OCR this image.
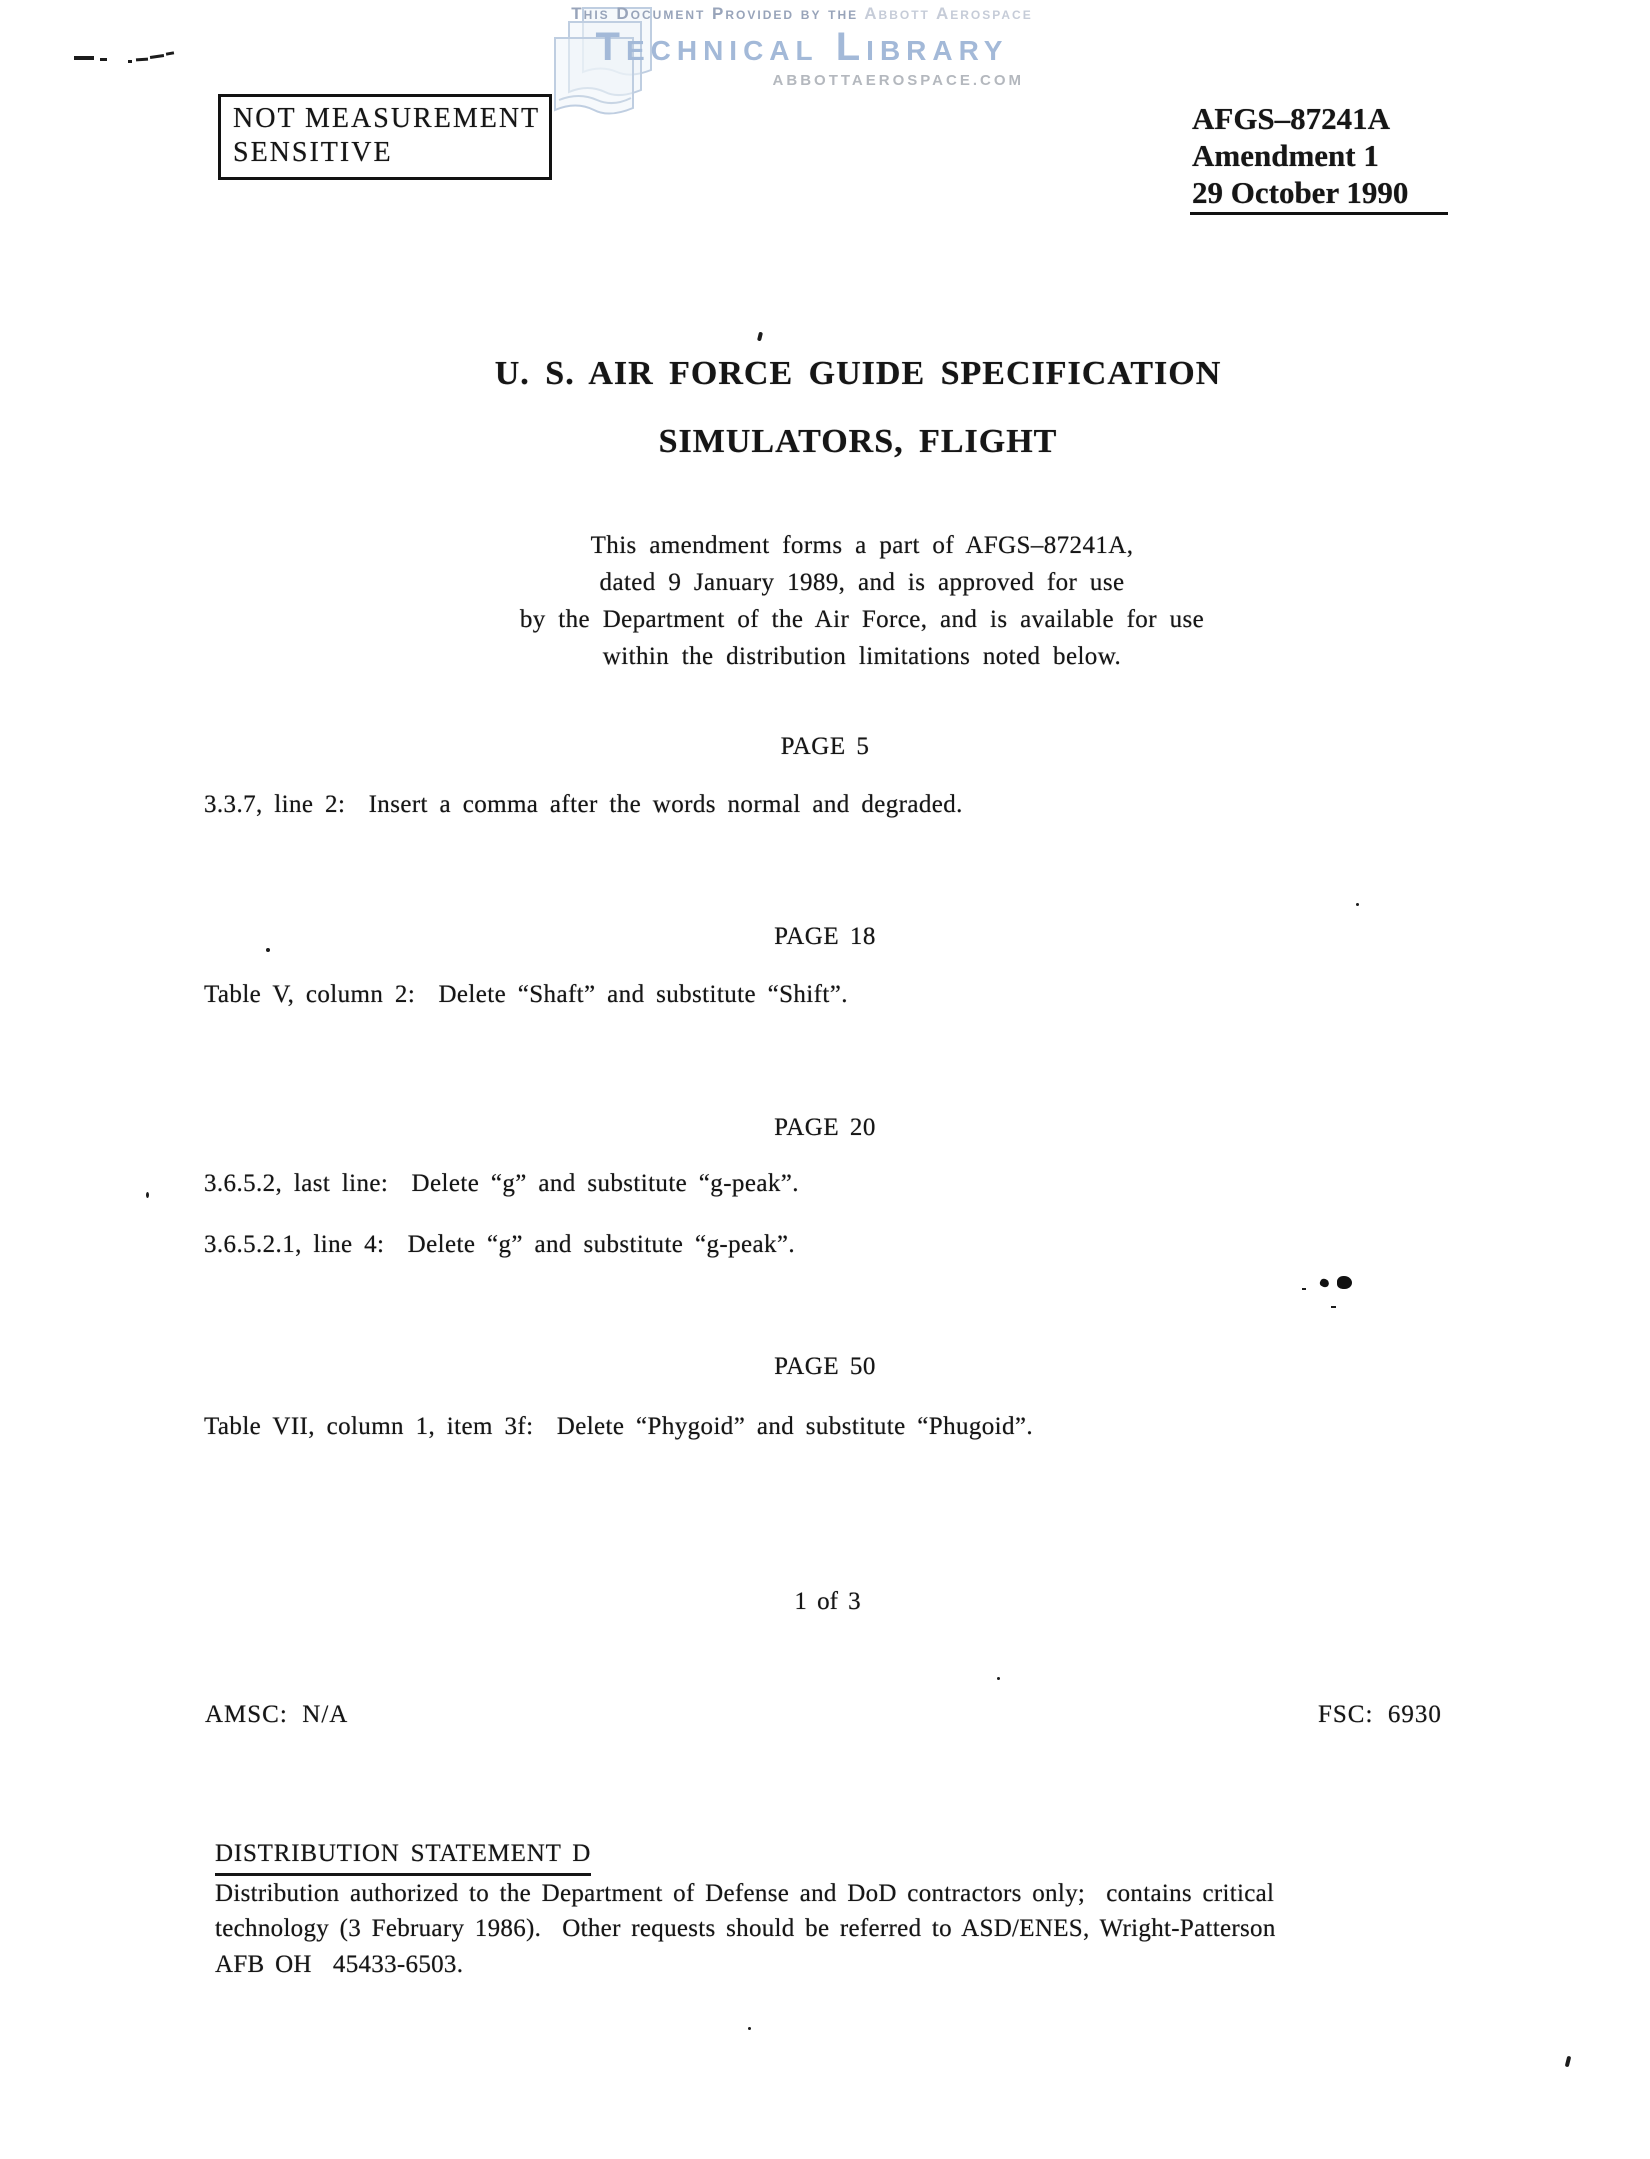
This Document Provided by the Abbott Aerospace
Technical Library
ABBOTTAEROSPACE.COM
NOT MEASUREMENT
SENSITIVE
AFGS–87241A
Amendment 1
29 October 1990
U. S. AIR FORCE GUIDE SPECIFICATION
SIMULATORS, FLIGHT
This amendment forms a part of AFGS–87241A,
dated 9 January 1989, and is approved for use
by the Department of the Air Force, and is available for use
within the distribution limitations noted below.
PAGE 5
3.3.7, line 2:  Insert a comma after the words normal and degraded.
PAGE 18
Table V, column 2:  Delete “Shaft” and substitute “Shift”.
PAGE 20
3.6.5.2, last line:  Delete “g” and substitute “g-peak”.
3.6.5.2.1, line 4:  Delete “g” and substitute “g-peak”.
PAGE 50
Table VII, column 1, item 3f:  Delete “Phygoid” and substitute “Phugoid”.
1 of 3
AMSC:  N/A	FSC:  6930
DISTRIBUTION STATEMENT D
Distribution authorized to the Department of Defense and DoD contractors only;  contains critical
technology (3 February 1986).  Other requests should be referred to ASD/ENES, Wright-Patterson
AFB OH  45433-6503.
